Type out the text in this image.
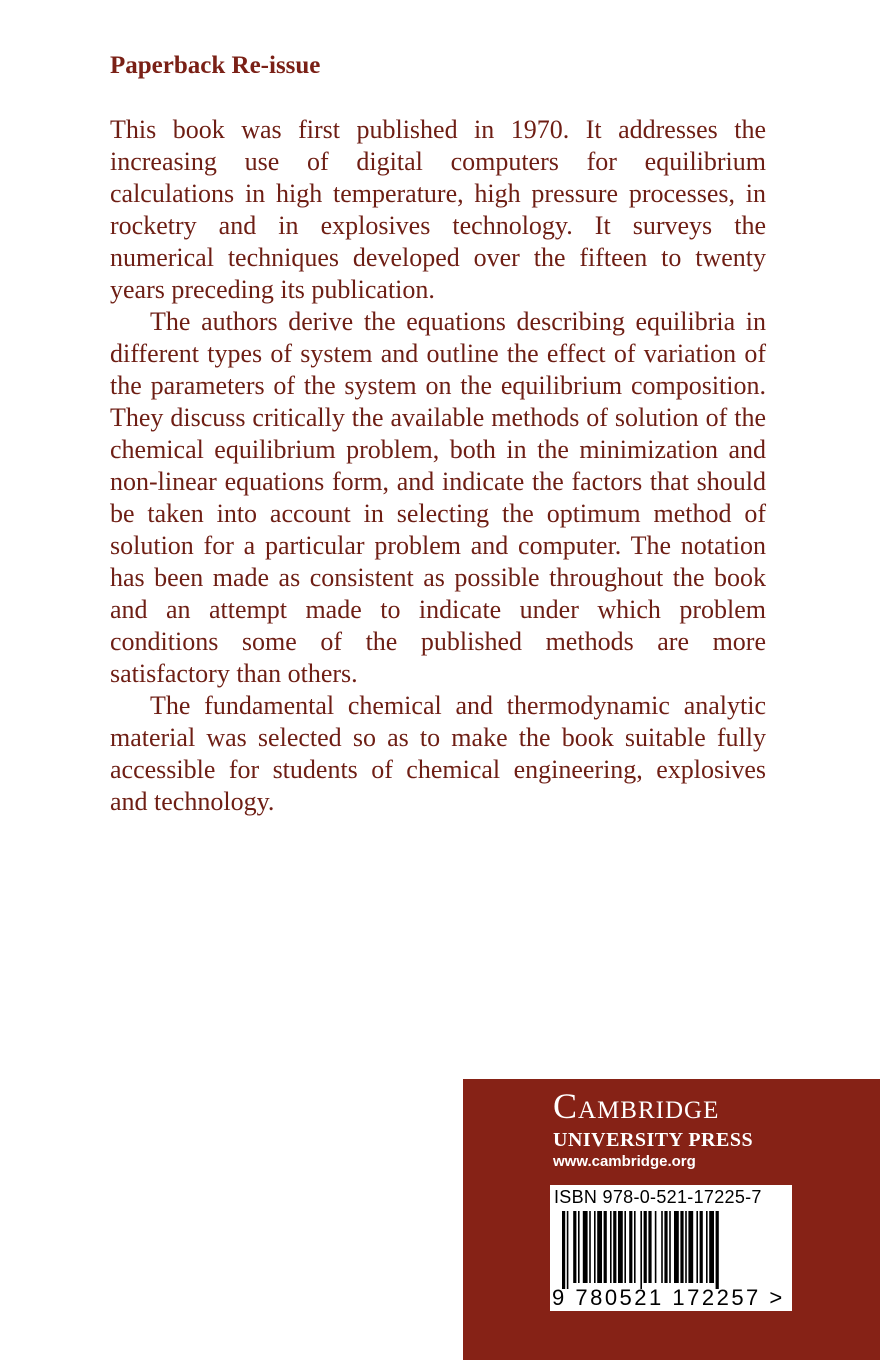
Paperback Re-issue

This book was first published in 1970. It addresses the increasing use of digital computers for equilibrium calculations in high temperature, high pressure processes, in rocketry and in explosives technology. It surveys the numerical techniques developed over the fifteen to twenty years preceding its publication.

The authors derive the equations describing equilibria in different types of system and outline the effect of variation of the parameters of the system on the equilibrium composition. They discuss critically the available methods of solution of the chemical equilibrium problem, both in the minimization and non-linear equations form, and indicate the factors that should be taken into account in selecting the optimum method of solution for a particular problem and computer. The notation has been made as consistent as possible throughout the book and an attempt made to indicate under which problem conditions some of the published methods are more satisfactory than others.

The fundamental chemical and thermodynamic analytic material was selected so as to make the book suitable fully accessible for students of chemical engineering, explosives and technology.

Cambridge
UNIVERSITY PRESS
www.cambridge.org
ISBN 978-0-521-17225-7
9 780521 172257 >
